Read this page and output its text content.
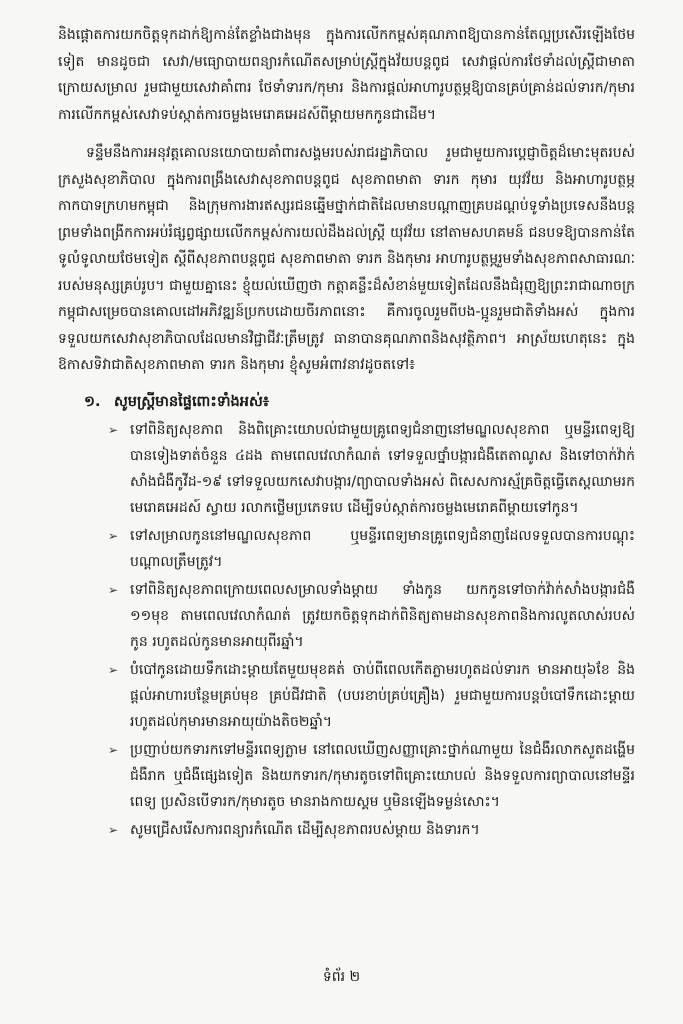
និងផ្ដោតការយកចិត្តទុកដាក់ឱ្យកាន់តែខ្លាំងជាងមុន ក្នុងការលើកកម្ពស់គុណភាពឱ្យបានកាន់តែល្អប្រសើរឡើងថែមទៀត មានដូចជា សេវា/មធ្យោបាយពន្យារកំណើតសម្រាប់ស្ត្រីក្នុងវ័យបន្តពូជ សេវាផ្ដល់ការថែទាំដល់ស្ត្រីជាមាតាក្រោយសម្រាល រួមជាមួយសេវាគាំពារ ថែទាំទារក/កុមារ និងការផ្ដល់អាហារូបត្ថម្ភឱ្យបានគ្រប់គ្រាន់ដល់ទារក/កុមារ ការលើកកម្ពស់សេវាទប់ស្កាត់ការចម្លងមេរោគអេដស៍ពីម្ដាយមកកូនជាដើម។

ទន្ទឹមនឹងការអនុវត្តគោលនយោបាយគាំពារសង្គមរបស់រាជរដ្ឋាភិបាល រួមជាមួយការប្ដេជ្ញាចិត្តដ៏មោះមុតរបស់ក្រសួងសុខាភិបាល ក្នុងការពង្រឹងសេវាសុខភាពបន្តពូជ សុខភាពមាតា ទារក កុមារ យុវវ័យ និងអាហារូបត្ថម្ភកាកបាទក្រហមកម្ពុជា និងក្រុមការងារឥស្សរជនឆ្នើមថ្នាក់ជាតិដែលមានបណ្ដាញគ្របដណ្ដប់ទូទាំងប្រទេសនឹងបន្ត ព្រមទាំងពង្រីកការអប់រំផ្សព្វផ្សាយលើកកម្ពស់ការយល់ដឹងដល់ស្ត្រី យុវវ័យ នៅតាមសហគមន៍ ជនបទឱ្យបានកាន់តែទូលំទូលាយថែមទៀត ស្ដីពីសុខភាពបន្តពូជ សុខភាពមាតា ទារក និងកុមារ អាហារូបត្ថម្ភរួមទាំងសុខភាពសាធារណៈរបស់មនុស្សគ្រប់រូប។ ជាមួយគ្នានេះ ខ្ញុំយល់ឃើញថា កត្តាគន្លឹះដ៏សំខាន់មួយទៀតដែលនឹងជំរុញឱ្យព្រះរាជាណាចក្រកម្ពុជាសម្រេចបានគោលដៅអភិវឌ្ឍន៍ប្រកបដោយចីរភាពនោះ គឺការចូលរួមពីបង-ប្អូនរួមជាតិទាំងអស់ ក្នុងការទទួលយកសេវាសុខាភិបាលដែលមានវិជ្ជាជីវៈត្រឹមត្រូវ ធានាបានគុណភាពនិងសុវត្ថិភាព។ អាស្រ័យហេតុនេះ ក្នុងឱកាសទិវាជាតិសុខភាពមាតា ទារក និងកុមារ ខ្ញុំសូមអំពាវនាវដូចតទៅ៖

១. សូមស្ត្រីមានផ្ទៃពោះទាំងអស់៖
➢ ទៅពិនិត្យសុខភាព និងពិគ្រោះយោបល់ជាមួយគ្រូពេទ្យជំនាញនៅមណ្ឌលសុខភាព ឬមន្ទីរពេទ្យឱ្យបានទៀងទាត់ចំនួន ៤ដង តាមពេលវេលាកំណត់ ទៅទទួលថ្នាំបង្ការជំងឺតេតាណូស និងទៅចាក់វ៉ាក់សាំងជំងឺកូវីដ-១៩ ទៅទទួលយកសេវាបង្ការ/ព្យាបាលទាំងអស់ ពិសេសការស្ម័គ្រចិត្តធ្វើតេស្តឈាមរកមេរោគអេដស៍ ស្វាយ រលាកថ្លើមប្រភេទបេ ដើម្បីទប់ស្កាត់ការចម្លងមេរោគពីម្ដាយទៅកូន។
➢ ទៅសម្រាលកូននៅមណ្ឌលសុខភាព ឬមន្ទីរពេទ្យមានគ្រូពេទ្យជំនាញដែលទទួលបានការបណ្ដុះបណ្ដាលត្រឹមត្រូវ។
➢ ទៅពិនិត្យសុខភាពក្រោយពេលសម្រាលទាំងម្ដាយ ទាំងកូន យកកូនទៅចាក់វ៉ាក់សាំងបង្ការជំងឺ ១១មុខ តាមពេលវេលាកំណត់ ត្រូវយកចិត្តទុកដាក់ពិនិត្យតាមដានសុខភាពនិងការលូតលាស់របស់កូន រហូតដល់កូនមានអាយុពីរឆ្នាំ។
➢ បំបៅកូនដោយទឹកដោះម្ដាយតែមួយមុខគត់ ចាប់ពីពេលកើតភ្លាមរហូតដល់ទារក មានអាយុ៦ខែ និងផ្ដល់អាហារបន្ថែមគ្រប់មុខ គ្រប់ជីវជាតិ (បបរខាប់គ្រប់គ្រឿង) រួមជាមួយការបន្តបំបៅទឹកដោះម្ដាយរហូតដល់កុមារមានអាយុយ៉ាងតិច២ឆ្នាំ។
➢ ប្រញាប់យកទារកទៅមន្ទីរពេទ្យភ្លាម នៅពេលឃើញសញ្ញាគ្រោះថ្នាក់ណាមួយ នៃជំងឺរលាកសួតដង្ហើម ជំងឺរាក ឬជំងឺផ្សេងទៀត និងយកទារក/កុមារតូចទៅពិគ្រោះយោបល់ និងទទួលការព្យាបាលនៅមន្ទីរពេទ្យ ប្រសិនបើទារក/កុមារតូច មានរាងកាយស្គម ឬមិនឡើងទម្ងន់សោះ។
➢ សូមជ្រើសរើសការពន្យារកំណើត ដើម្បីសុខភាពរបស់ម្ដាយ និងទារក។
ទំព័រ ២
